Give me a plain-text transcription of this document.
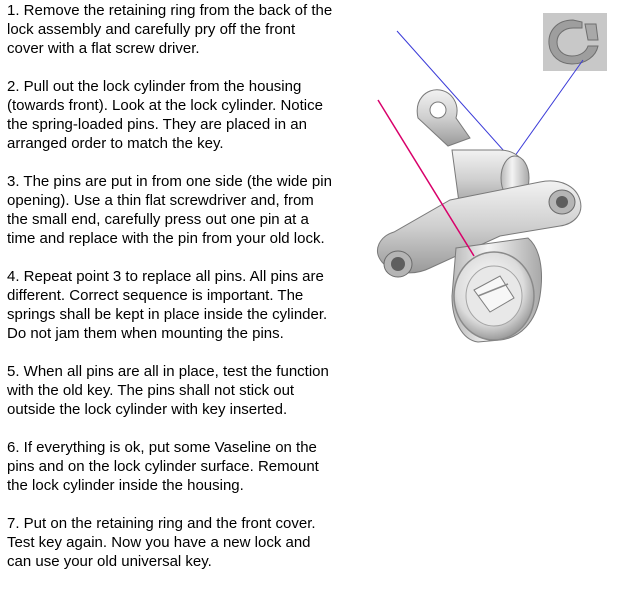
1. Remove the retaining ring from the back of the
lock assembly and carefully pry off the front
cover with a flat screw driver.

2. Pull out the lock cylinder from the housing
(towards front). Look at the lock cylinder. Notice
the spring-loaded pins. They are placed in an
arranged order to match the key.

3. The pins are put in from one side (the wide pin
opening). Use a thin flat screwdriver and, from
the small end, carefully press out one pin at a
time and replace with the pin from your old lock.

4. Repeat point 3 to replace all pins. All pins are
different. Correct sequence is important. The
springs shall be kept in place inside the cylinder.
Do not jam them when mounting the pins.

5. When all pins are all in place, test the function
with the old key. The pins shall not stick out
outside the lock cylinder with key inserted.

6. If everything is ok, put some Vaseline on the
pins and on the lock cylinder surface. Remount
the lock cylinder inside the housing.

7. Put on the retaining ring and the front cover.
Test key again. Now you have a new lock and
can use your old universal key.
